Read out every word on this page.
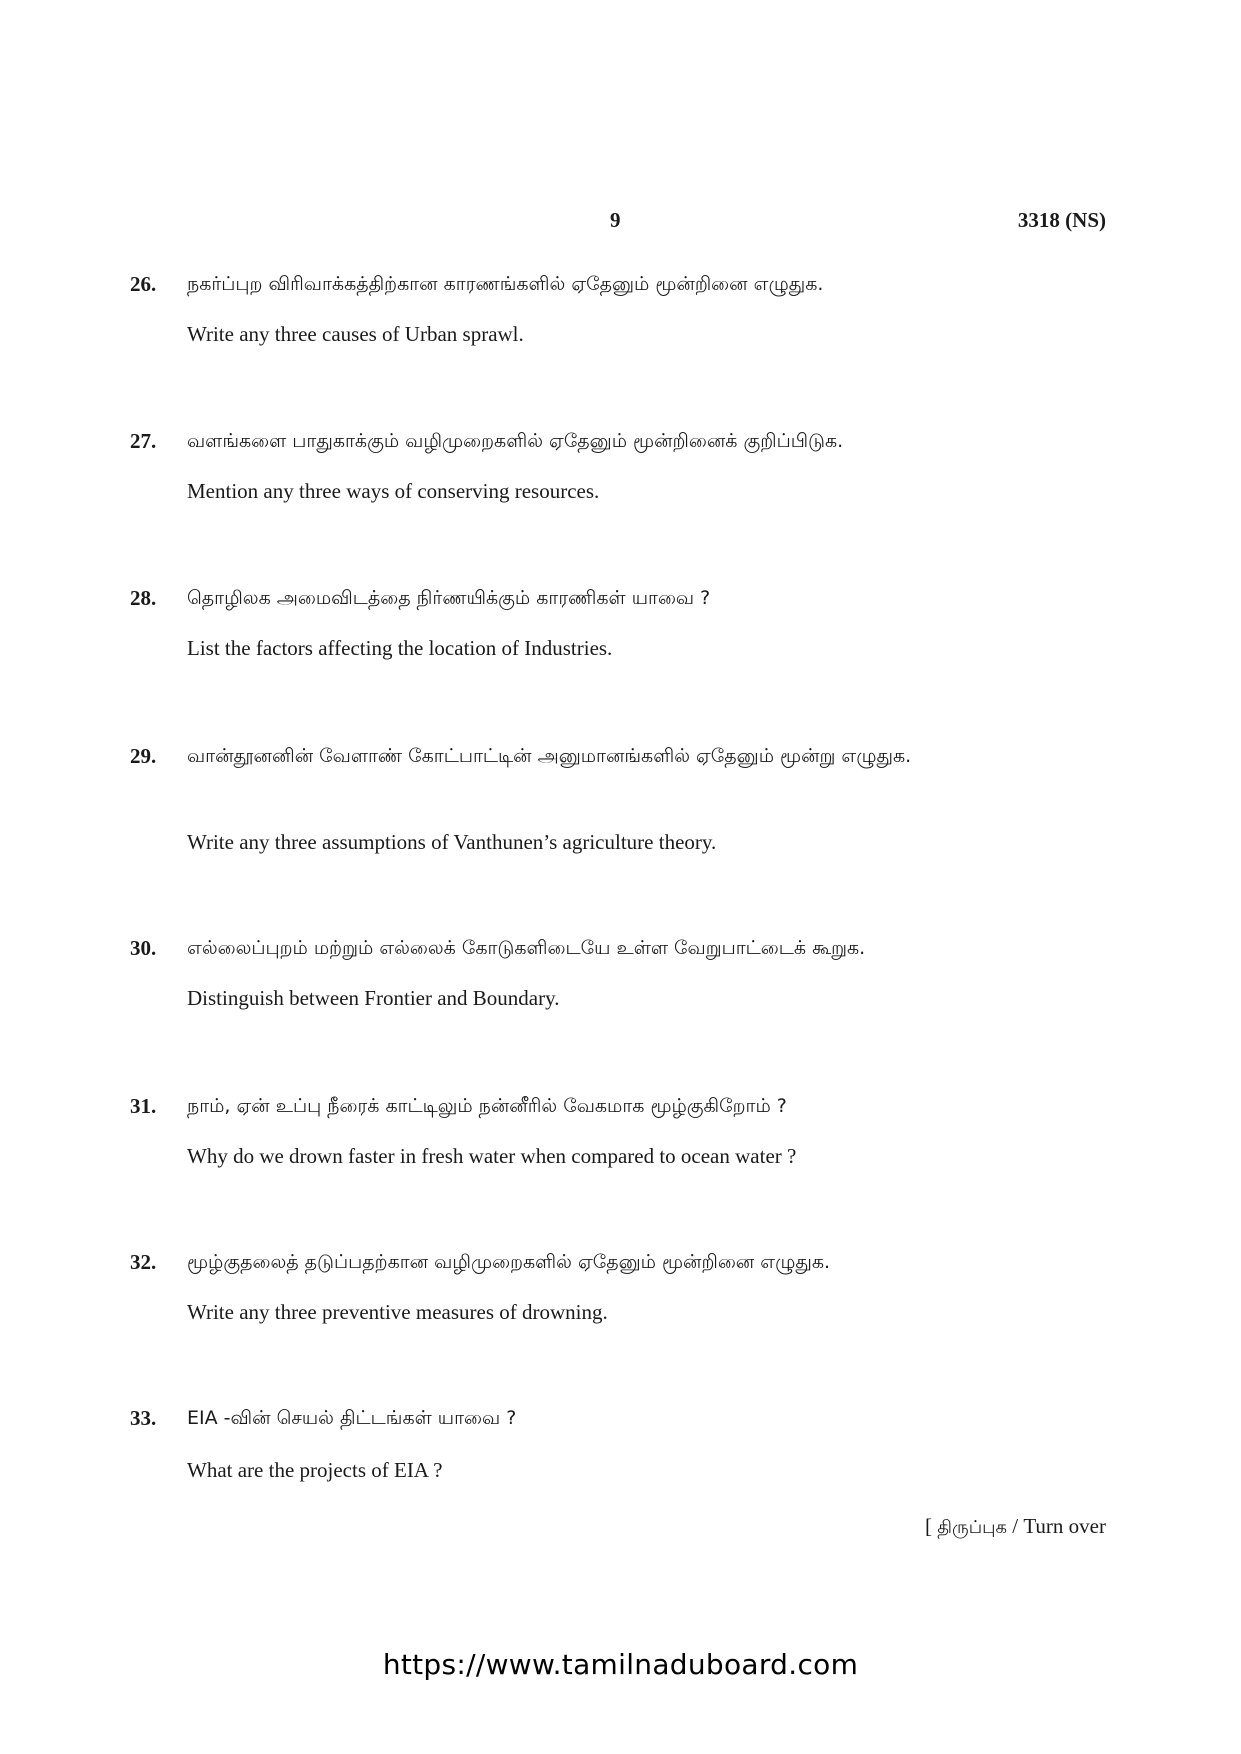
9	3318 (NS)
26. நகர்ப்புற விரிவாக்கத்திற்கான காரணங்களில் ஏதேனும் மூன்றினை எழுதுக.
Write any three causes of Urban sprawl.
27. வளங்களை பாதுகாக்கும் வழிமுறைகளில் ஏதேனும் மூன்றினைக் குறிப்பிடுக.
Mention any three ways of conserving resources.
28. தொழிலக அமைவிடத்தை நிர்ணயிக்கும் காரணிகள் யாவை ?
List the factors affecting the location of Industries.
29. வான்தூனனின் வேளாண் கோட்பாட்டின் அனுமானங்களில் ஏதேனும் மூன்று எழுதுக.
Write any three assumptions of Vanthunen’s agriculture theory.
30. எல்லைப்புறம் மற்றும் எல்லைக் கோடுகளிடையே உள்ள வேறுபாட்டைக் கூறுக.
Distinguish between Frontier and Boundary.
31. நாம், ஏன் உப்பு நீரைக் காட்டிலும் நன்னீரில் வேகமாக மூழ்குகிறோம் ?
Why do we drown faster in fresh water when compared to ocean water ?
32. மூழ்குதலைத் தடுப்பதற்கான வழிமுறைகளில் ஏதேனும் மூன்றினை எழுதுக.
Write any three preventive measures of drowning.
33. EIA -வின் செயல் திட்டங்கள் யாவை ?
What are the projects of EIA ?
[ திருப்புக / Turn over
https://www.tamilnaduboard.com
